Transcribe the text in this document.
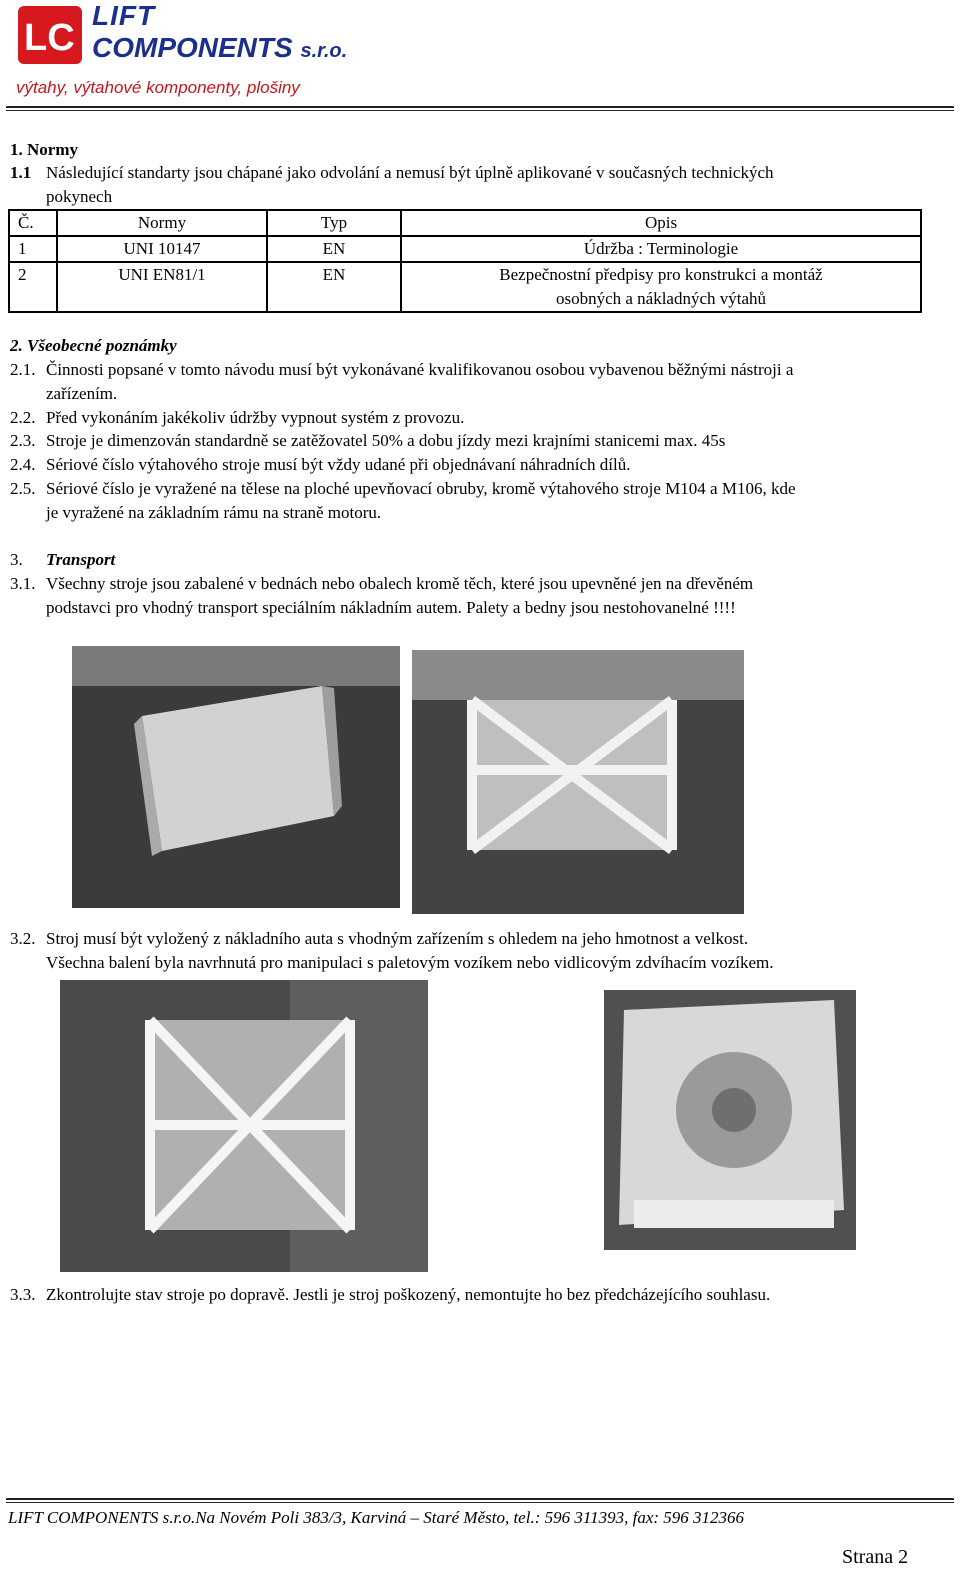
LC
LIFT
COMPONENTS s.r.o.
výtahy, výtahové komponenty, plošiny
1. Normy
1.1 Následující standarty jsou chápané jako odvolání a nemusí být úplně aplikované v současných technických
pokynech
Č.	Normy	Typ	Opis
1	UNI 10147	EN	Údržba : Terminologie
2	UNI EN81/1	EN	Bezpečnostní předpisy pro konstrukci a montáž
osobných a nákladných výtahů
2. Všeobecné poznámky
2.1. Činnosti popsané v tomto návodu musí být vykonávané kvalifikovanou osobou vybavenou běžnými nástroji a
zařízením.
2.2. Před vykonáním jakékoliv údržby vypnout systém z provozu.
2.3. Stroje je dimenzován standardně se zatěžovatel 50% a dobu jízdy mezi krajními stanicemi max. 45s
2.4. Sériové číslo výtahového stroje musí být vždy udané při objednávaní náhradních dílů.
2.5. Sériové číslo je vyražené na tělese na ploché upevňovací obruby, kromě výtahového stroje M104 a M106, kde
je vyražené na základním rámu na straně motoru.
3. Transport
3.1. Všechny stroje jsou zabalené v bednách nebo obalech kromě těch, které jsou upevněné jen na dřevěném
podstavci pro vhodný transport speciálním nákladním autem. Palety a bedny jsou nestohovanelné !!!!
3.2. Stroj musí být vyložený z nákladního auta s vhodným zařízením s ohledem na jeho hmotnost a velkost.
Všechna balení byla navrhnutá pro manipulaci s paletovým vozíkem nebo vidlicovým zdvíhacím vozíkem.
3.3. Zkontrolujte stav stroje po dopravě. Jestli je stroj poškozený, nemontujte ho bez předcházejícího souhlasu.
LIFT COMPONENTS s.r.o.Na Novém Poli 383/3, Karviná – Staré Město, tel.: 596 311393, fax: 596 312366
Strana 2
